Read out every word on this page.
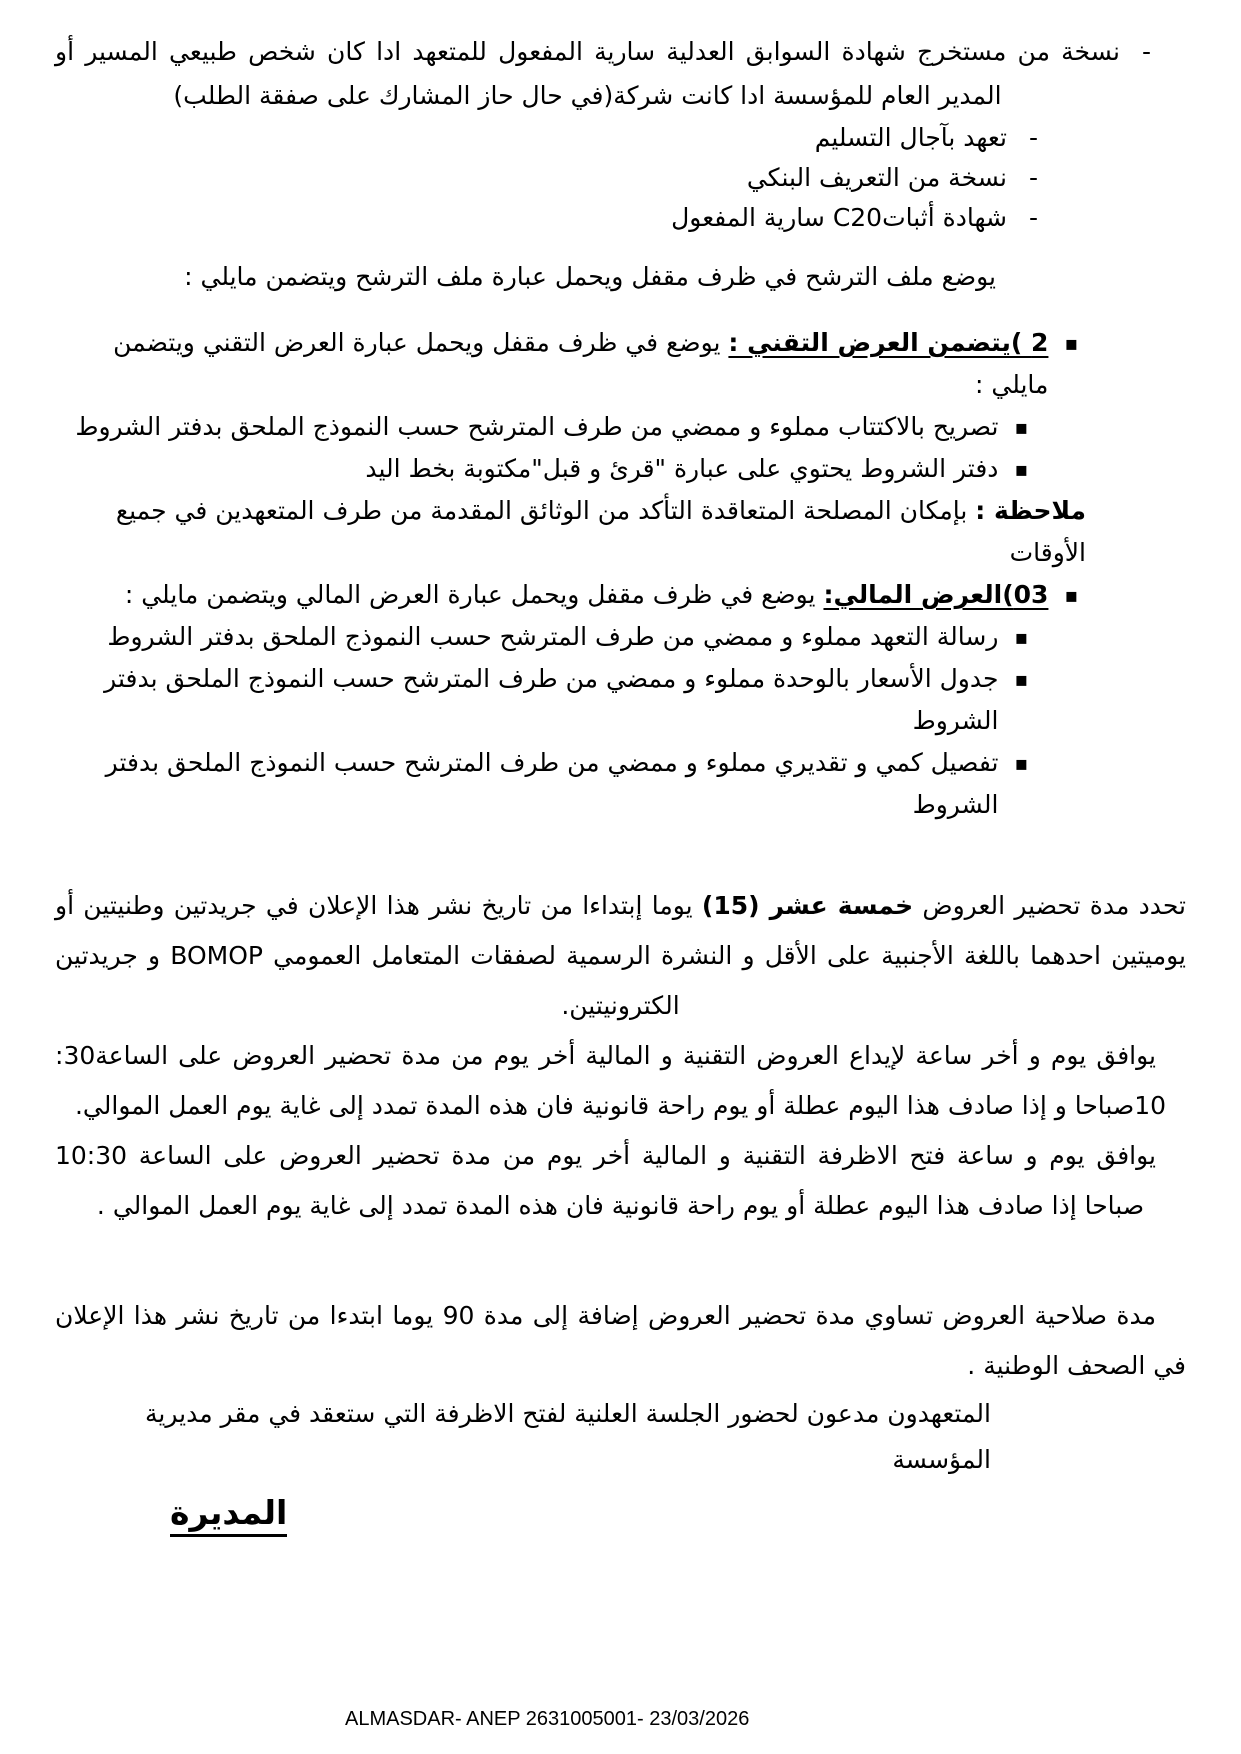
-
نسخة من مستخرج شهادة السوابق العدلية سارية المفعول للمتعهد ادا كان شخص طبيعي المسير أو المدير العام للمؤسسة ادا كانت شركة(في حال حاز المشارك على صفقة الطلب)
-
تعهد بآجال التسليم
-
نسخة من التعريف البنكي
-
شهادة أثباتC20 سارية المفعول
يوضع ملف الترشح في ظرف مقفل ويحمل عبارة ملف الترشح ويتضمن مايلي :
▪
2 )يتضمن العرض التقني : يوضع في ظرف مقفل ويحمل عبارة العرض التقني ويتضمن مايلي :
▪
تصريح بالاكتتاب مملوء و ممضي من طرف المترشح حسب النموذج الملحق بدفتر الشروط
▪
دفتر الشروط يحتوي على عبارة "قرئ و قبل"مكتوبة بخط اليد
ملاحظة : بإمكان المصلحة المتعاقدة التأكد من الوثائق المقدمة من طرف المتعهدين في جميع الأوقات
▪
03)العرض المالي: يوضع في ظرف مقفل ويحمل عبارة العرض المالي ويتضمن مايلي :
▪
رسالة التعهد مملوء و ممضي من طرف المترشح حسب النموذج الملحق بدفتر الشروط
▪
جدول الأسعار بالوحدة مملوء و ممضي من طرف المترشح حسب النموذج الملحق بدفتر الشروط
▪
تفصيل كمي و تقديري مملوء و ممضي من طرف المترشح حسب النموذج الملحق بدفتر الشروط
تحدد مدة تحضير العروض خمسة عشر (15) يوما إبتداءا من تاريخ نشر هذا الإعلان في جريدتين وطنيتين أو يوميتين احدهما باللغة الأجنبية على الأقل و النشرة الرسمية لصفقات المتعامل العمومي BOMOP و جريدتين الكترونيتين.
يوافق يوم و أخر ساعة لإيداع العروض التقنية و المالية أخر يوم من مدة تحضير العروض على الساعة30: 10صباحا و إذا صادف هذا اليوم عطلة أو يوم راحة قانونية فان هذه المدة تمدد إلى غاية يوم العمل الموالي.
يوافق يوم و ساعة فتح الاظرفة التقنية و المالية أخر يوم من مدة تحضير العروض على الساعة 10:30 صباحا إذا صادف هذا اليوم عطلة أو يوم راحة قانونية فان هذه المدة تمدد إلى غاية يوم العمل الموالي .
مدة صلاحية العروض تساوي مدة تحضير العروض إضافة إلى مدة 90 يوما ابتدءا من تاريخ نشر هذا الإعلان في الصحف الوطنية .
المتعهدون مدعون لحضور الجلسة العلنية لفتح الاظرفة التي ستعقد في مقر مديرية المؤسسة
المديرة
ALMASDAR- ANEP 2631005001- 23/03/2026
